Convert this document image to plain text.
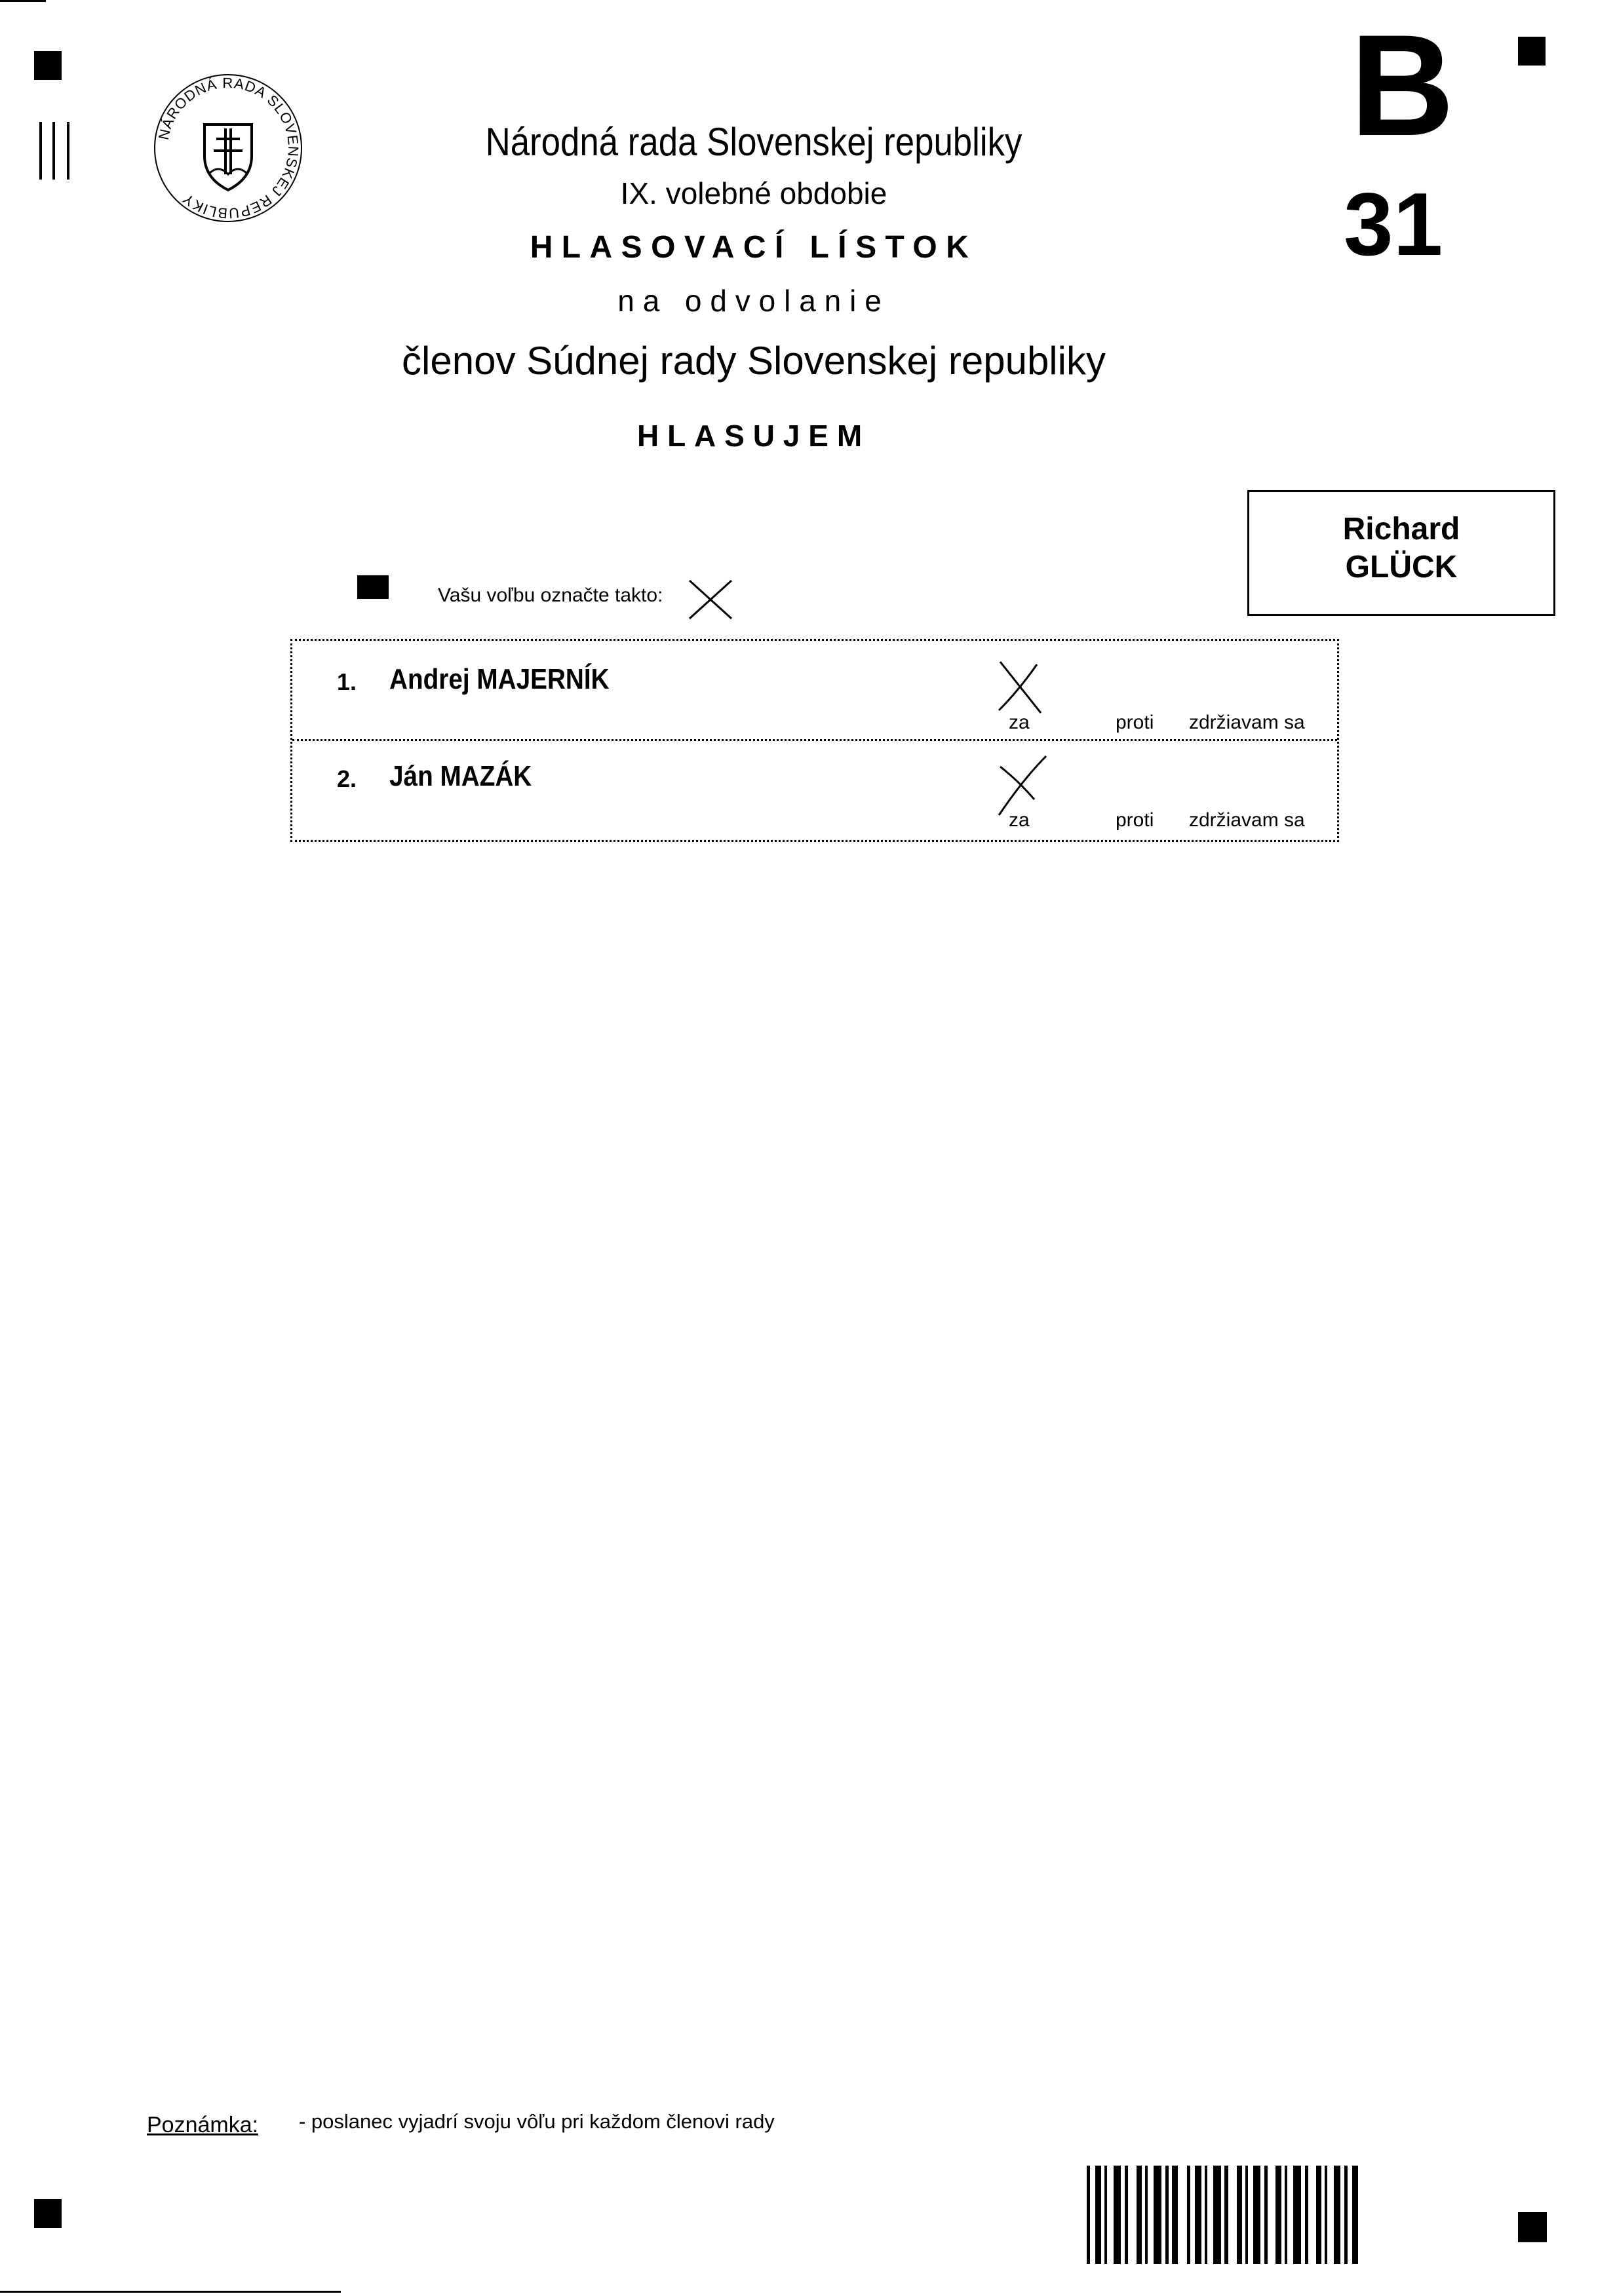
NÁRODNÁ RADA SLOVENSKEJ REPUBLIKY
Národná rada Slovenskej republiky
IX. volebné obdobie
HLASOVACÍ LÍSTOK
na odvolanie
členov Súdnej rady Slovenskej republiky
HLASUJEM
B
31
Richard
GLÜCK
Vašu voľbu označte takto:
1. Andrej MAJERNÍK
za	proti zdržiavam sa
2. Ján MAZÁK
za	proti zdržiavam sa
Poznámka: - poslanec vyjadrí svoju vôľu pri každom členovi rady
